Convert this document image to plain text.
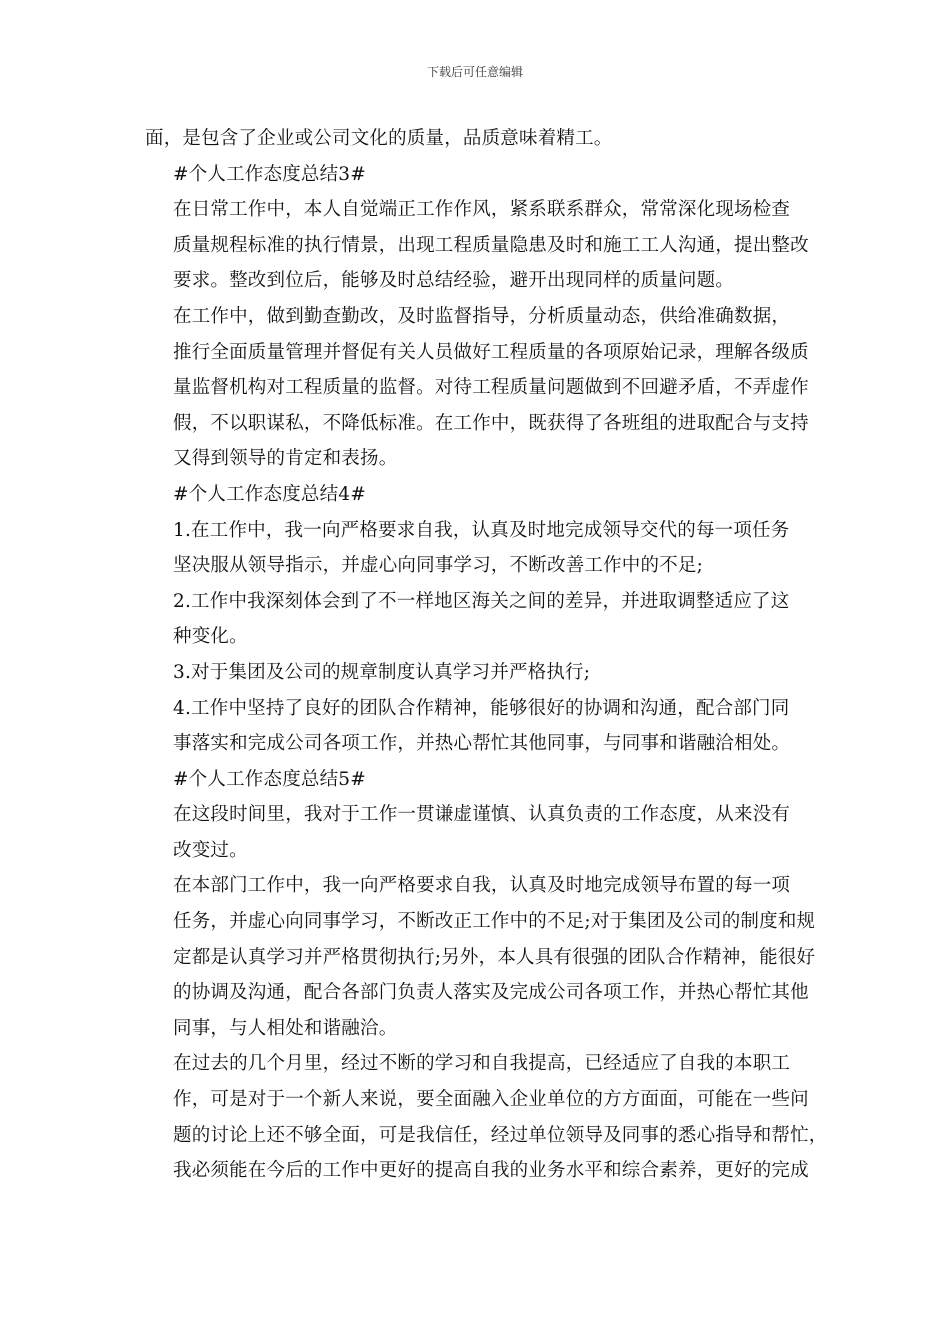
下载后可任意编辑

面，是包含了企业或公司文化的质量，品质意味着精工。

#个人工作态度总结3#

在日常工作中，本人自觉端正工作作风，紧系联系群众，常常深化现场检查
质量规程标准的执行情景，出现工程质量隐患及时和施工工人沟通，提出整改
要求。整改到位后，能够及时总结经验，避开出现同样的质量问题。

在工作中，做到勤查勤改，及时监督指导，分析质量动态，供给准确数据，
推行全面质量管理并督促有关人员做好工程质量的各项原始记录，理解各级质
量监督机构对工程质量的监督。对待工程质量问题做到不回避矛盾，不弄虚作
假，不以职谋私，不降低标准。在工作中，既获得了各班组的进取配合与支持
又得到领导的肯定和表扬。

#个人工作态度总结4#

1.在工作中，我一向严格要求自我，认真及时地完成领导交代的每一项任务
坚决服从领导指示，并虚心向同事学习，不断改善工作中的不足;

2.工作中我深刻体会到了不一样地区海关之间的差异，并进取调整适应了这
种变化。

3.对于集团及公司的规章制度认真学习并严格执行;

4.工作中坚持了良好的团队合作精神，能够很好的协调和沟通，配合部门同
事落实和完成公司各项工作，并热心帮忙其他同事，与同事和谐融洽相处。

#个人工作态度总结5#

在这段时间里，我对于工作一贯谦虚谨慎、认真负责的工作态度，从来没有
改变过。

在本部门工作中，我一向严格要求自我，认真及时地完成领导布置的每一项
任务，并虚心向同事学习，不断改正工作中的不足;对于集团及公司的制度和规
定都是认真学习并严格贯彻执行;另外，本人具有很强的团队合作精神，能很好
的协调及沟通，配合各部门负责人落实及完成公司各项工作，并热心帮忙其他
同事，与人相处和谐融洽。

在过去的几个月里，经过不断的学习和自我提高，已经适应了自我的本职工
作，可是对于一个新人来说，要全面融入企业单位的方方面面，可能在一些问
题的讨论上还不够全面，可是我信任，经过单位领导及同事的悉心指导和帮忙，
我必须能在今后的工作中更好的提高自我的业务水平和综合素养，更好的完成
